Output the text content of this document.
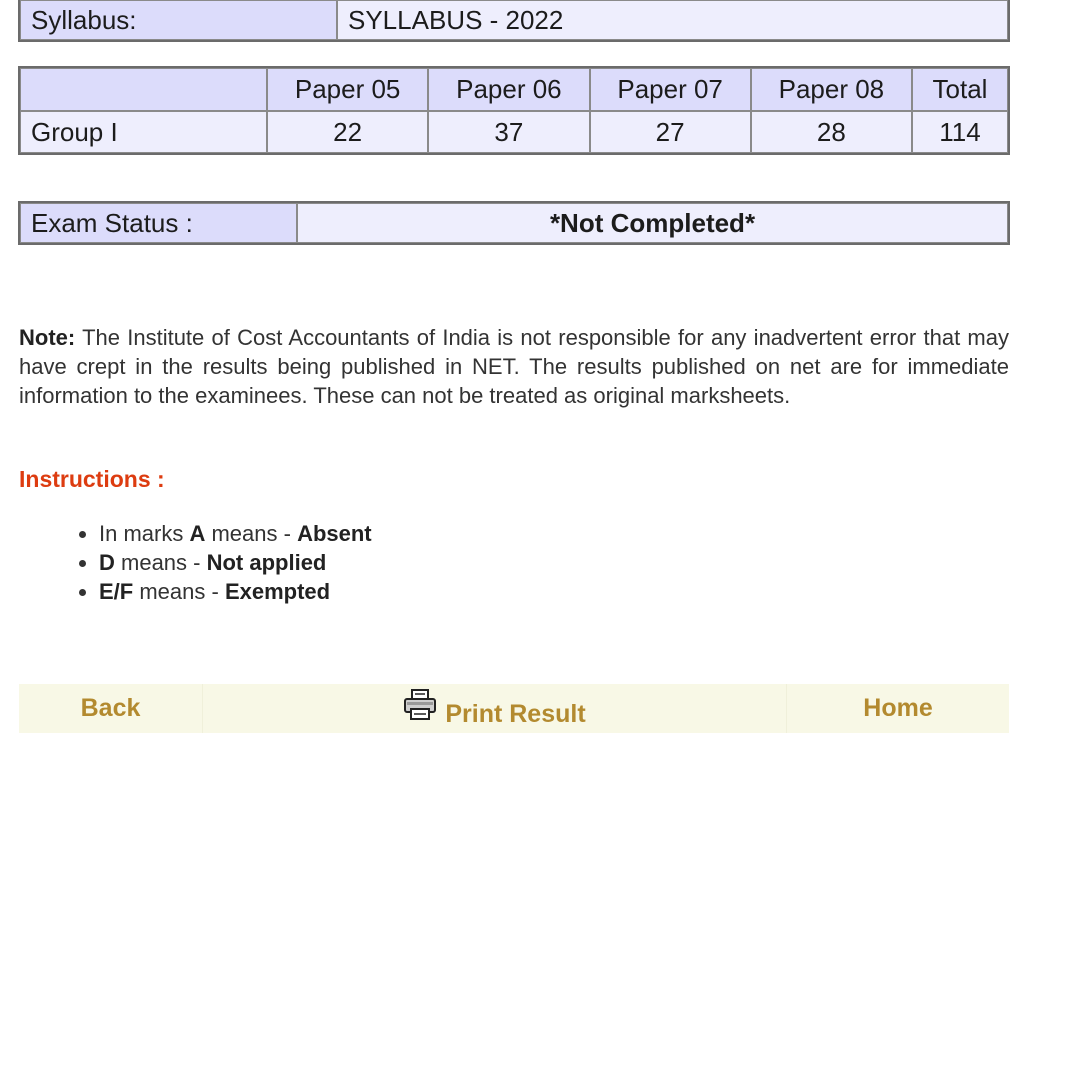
Syllabus:	SYLLABUS - 2022
	Paper 05	Paper 06	Paper 07	Paper 08	Total
Group I	22	37	27	28	114
Exam Status :	*Not Completed*

Note: The Institute of Cost Accountants of India is not responsible for any inadvertent error that may have crept in the results being published in NET. The results published on net are for immediate information to the examinees. These can not be treated as original marksheets.

Instructions :

• In marks A means - Absent
• D means - Not applied
• E/F means - Exempted
Back	Print Result	Home
